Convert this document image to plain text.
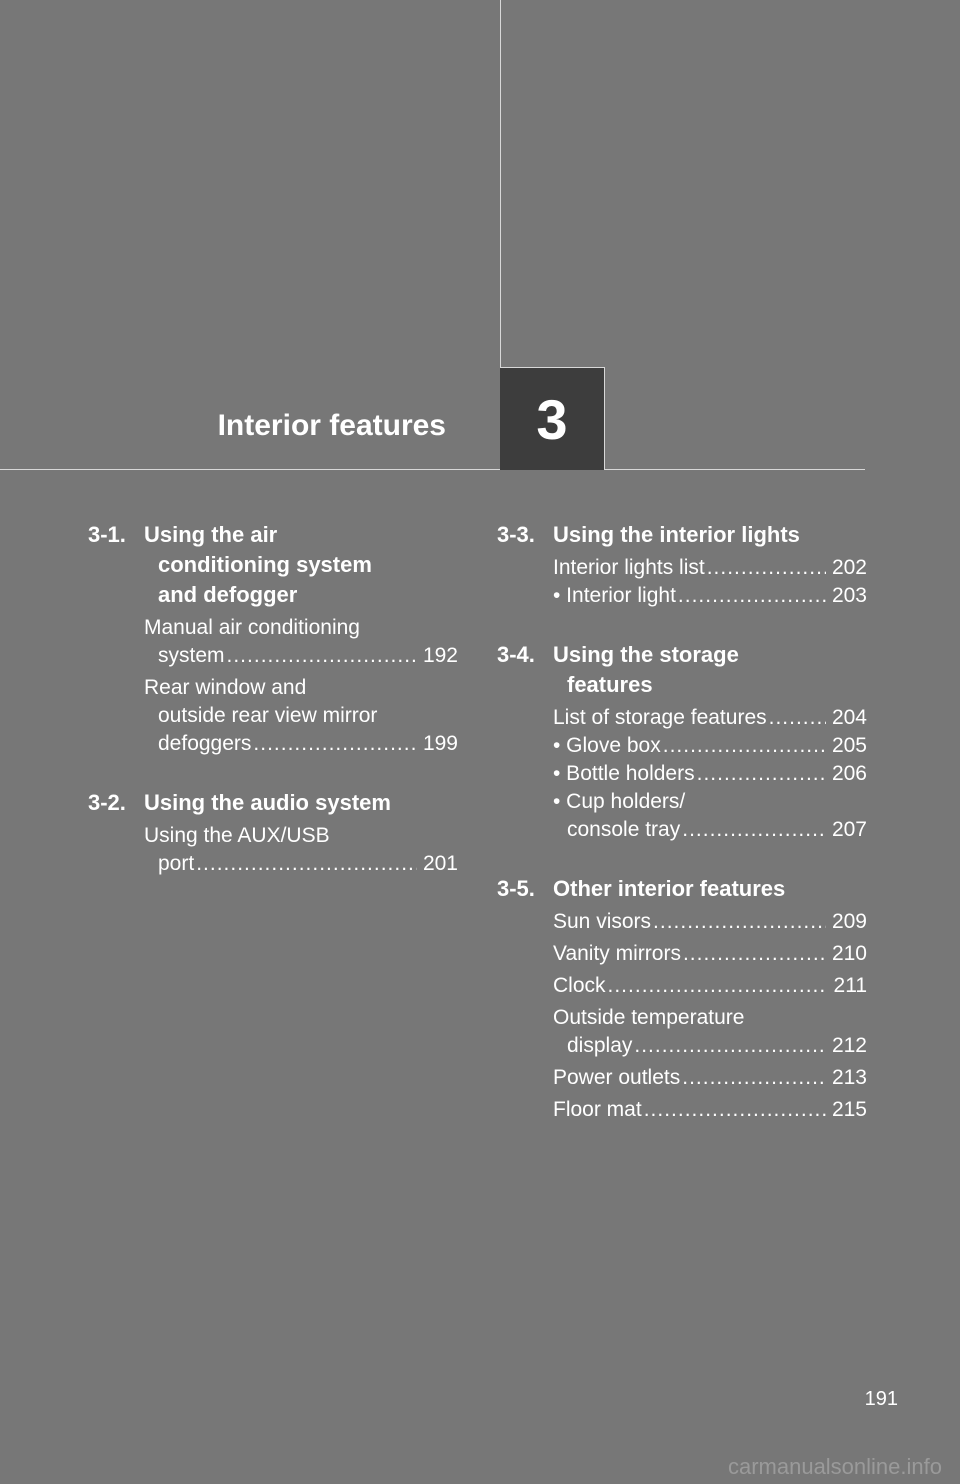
Interior features 3
3-1. Using the air
conditioning system
and defogger
Manual air conditioning
system .....	192
Rear window and
outside rear view mirror
defoggers .....	199
3-2. Using the audio system
Using the AUX/USB
port .....	201
3-3. Using the interior lights
Interior lights list .....	202
• Interior light .....	203
3-4. Using the storage
features
List of storage features .....	204
• Glove box .....	205
• Bottle holders .....	206
• Cup holders/
console tray .....	207
3-5. Other interior features
Sun visors .....	209
Vanity mirrors .....	210
Clock .....	211
Outside temperature
display .....	212
Power outlets .....	213
Floor mat .....	215
191
carmanualsonline.info
